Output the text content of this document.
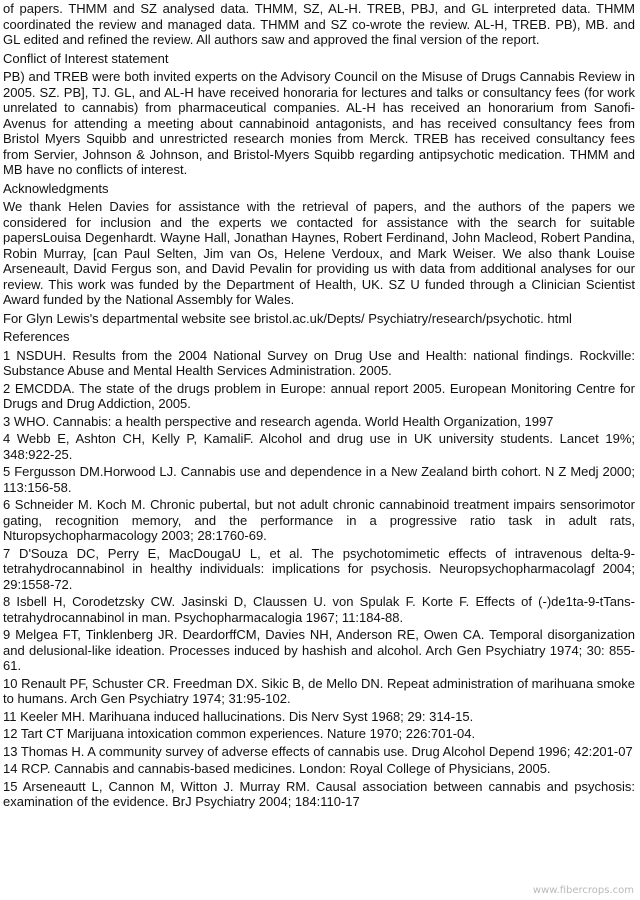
of papers. THMM and SZ analysed data. THMM, SZ, AL-H. TREB, PBJ, and GL interpreted data. THMM coordinated the review and managed data. THMM and SZ co-wrote the review. AL-H, TREB. PB), MB. and GL edited and refined the review. All authors saw and approved the final version of the report.

Conflict of Interest statement

PB) and TREB were both invited experts on the Advisory Council on the Misuse of Drugs Cannabis Review in 2005. SZ. PB], TJ. GL, and AL-H have received honoraria for lectures and talks or consultancy fees (for work unrelated to cannabis) from pharmaceutical companies. AL-H has received an honorarium from Sanofi-Avenus for attending a meeting about cannabinoid antagonists, and has received consultancy fees from Bristol Myers Squibb and unrestricted research monies from Merck. TREB has received consultancy fees from Servier, Johnson & Johnson, and Bristol-Myers Squibb regarding antipsychotic medication. THMM and MB have no conflicts of interest.

Acknowledgments

We thank Helen Davies for assistance with the retrieval of papers, and the authors of the papers we considered for inclusion and the experts we contacted for assistance with the search for suitable papersLouisa Degenhardt. Wayne Hall, Jonathan Haynes, Robert Ferdinand, John Macleod, Robert Pandina, Robin Murray, [can Paul Selten, Jim van Os, Helene Verdoux, and Mark Weiser. We also thank Louise Arseneault, David Fergus son, and David Pevalin for providing us with data from additional analyses for our review. This work was funded by the Department of Health, UK. SZ U funded through a Clinician Scientist Award funded by the National Assembly for Wales.

For Glyn Lewis's departmental website see bristol.ac.uk/Depts/ Psychiatry/research/psychotic. html

References

1 NSDUH. Results from the 2004 National Survey on Drug Use and Health: national findings. Rockville: Substance Abuse and Mental Health Services Administration. 2005.

2 EMCDDA. The state of the drugs problem in Europe: annual report 2005. European Monitoring Centre for Drugs and Drug Addiction, 2005.

3 WHO. Cannabis: a health perspective and research agenda. World Health Organization, 1997

4 Webb E, Ashton CH, Kelly P, KamaliF. Alcohol and drug use in UK university students. Lancet 19%; 348:922-25.

5 Fergusson DM.Horwood LJ. Cannabis use and dependence in a New Zealand birth cohort. N Z Medj 2000; 113:156-58.

6 Schneider M. Koch M. Chronic pubertal, but not adult chronic cannabinoid treatment impairs sensorimotor gating, recognition memory, and the performance in a progressive ratio task in adult rats, Nturopsychopharmacology 2003; 28:1760-69.

7 D'Souza DC, Perry E, MacDougaU L, et al. The psychotomimetic effects of intravenous delta-9-tetrahydrocannabinol in healthy individuals: implications for psychosis. Neuropsychopharmacolagf 2004; 29:1558-72.

8 Isbell H, Corodetzsky CW. Jasinski D, Claussen U. von Spulak F. Korte F. Effects of (-)de1ta-9-tTans-tetrahydrocannabinol in man. Psychopharmacalogia 1967; 11:184-88.

9 Melgea FT, Tinklenberg JR. DeardorffCM, Davies NH, Anderson RE, Owen CA. Temporal disorganization and delusional-like ideation. Processes induced by hashish and alcohol. Arch Gen Psychiatry 1974; 30: 855-61.

10 Renault PF, Schuster CR. Freedman DX. Sikic B, de Mello DN. Repeat administration of marihuana smoke to humans. Arch Gen Psychiatry 1974; 31:95-102.

11 Keeler MH. Marihuana induced hallucinations. Dis Nerv Syst 1968; 29: 314-15.

12 Tart CT Marijuana intoxication common experiences. Nature 1970; 226:701-04.

13 Thomas H. A community survey of adverse effects of cannabis use. Drug Alcohol Depend 1996; 42:201-07

14 RCP. Cannabis and cannabis-based medicines. London: Royal College of Physicians, 2005.

15 Arseneautt L, Cannon M, Witton J. Murray RM. Causal association between cannabis and psychosis: examination of the evidence. BrJ Psychiatry 2004; 184:110-17

www.fibercrops.com
